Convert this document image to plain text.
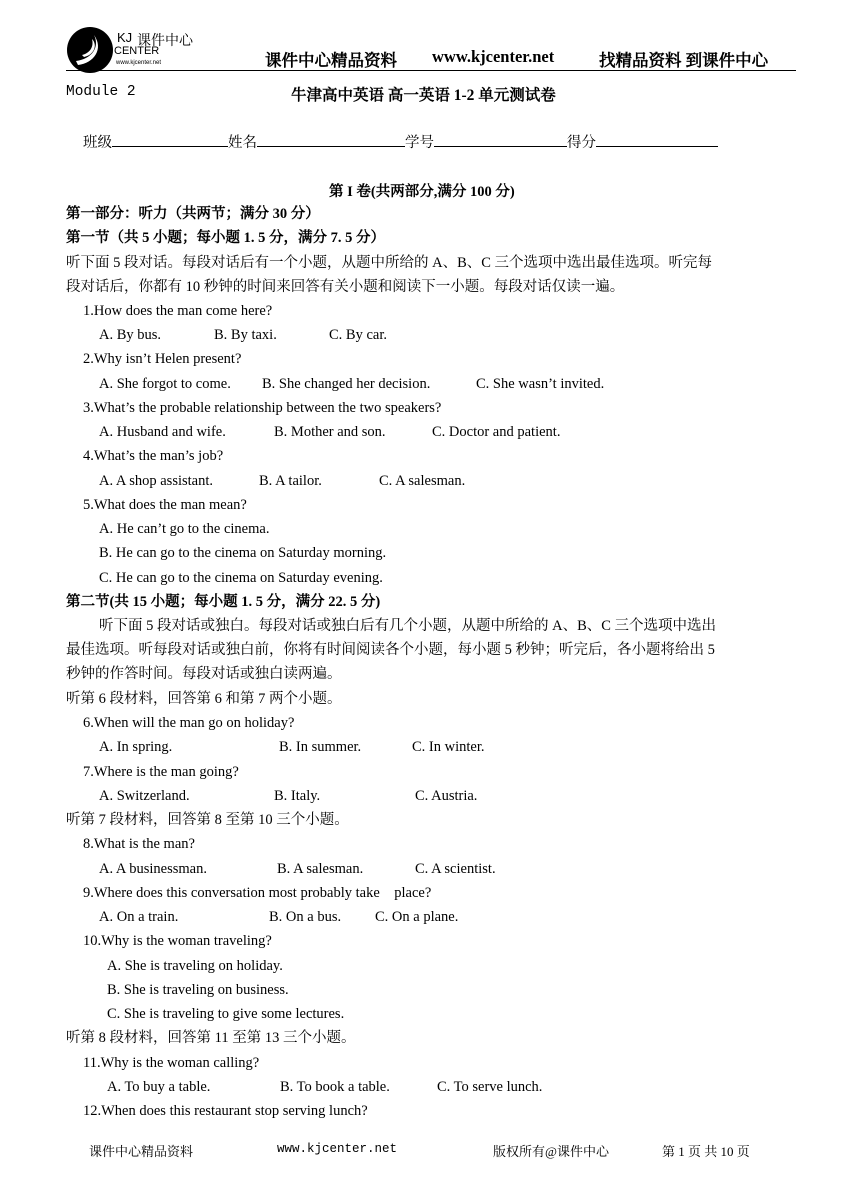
KJ 课件中心
CENTER
www.kjcenter.net	课件中心精品资料 www.kjcenter.net	找精品资料 到课件中心
Module 2	牛津高中英语 高一英语 1-2 单元测试卷
班级	姓名	学号	得分
第 I 卷(共两部分,满分 100 分)
第一部分：听力（共两节；满分 30 分）
第一节（共 5 小题；每小题 1. 5 分，满分 7. 5 分）
听下面 5 段对话。每段对话后有一个小题，从题中所给的 A、B、C 三个选项中选出最佳选项。听完每
段对话后，你都有 10 秒钟的时间来回答有关小题和阅读下一小题。每段对话仅读一遍。
1.How does the man come here?
A. By bus.	B. By taxi.	C. By car.
2.Why isn’t Helen present?
A. She forgot to come. B. She changed her decision.	C. She wasn’t invited.
3.What’s the probable relationship between the two speakers?
A. Husband and wife.	B. Mother and son.	C. Doctor and patient.
4.What’s the man’s job?
A. A shop assistant.	B. A tailor.	C. A salesman.
5.What does the man mean?
A. He can’t go to the cinema.
B. He can go to the cinema on Saturday morning.
C. He can go to the cinema on Saturday evening.
第二节(共 15 小题；每小题 1. 5 分，满分 22. 5 分)
听下面 5 段对话或独白。每段对话或独白后有几个小题，从题中所给的 A、B、C 三个选项中选出
最佳选项。听每段对话或独白前，你将有时间阅读各个小题，每小题 5 秒钟；听完后，各小题将给出 5
秒钟的作答时间。每段对话或独白读两遍。
听第 6 段材料，回答第 6 和第 7 两个小题。
6.When will the man go on holiday?
A. In spring.	B. In summer.	C. In winter.
7.Where is the man going?
A. Switzerland.	B. Italy.	C. Austria.
听第 7 段材料，回答第 8 至第 10 三个小题。
8.What is the man?
A. A businessman.	B. A salesman.	C. A scientist.
9.Where does this conversation most probably take　place?
A. On a train.	B. On a bus. C. On a plane.
10.Why is the woman traveling?
A. She is traveling on holiday.
B. She is traveling on business.
C. She is traveling to give some lectures.
听第 8 段材料，回答第 11 至第 13 三个小题。
11.Why is the woman calling?
A. To buy a table.	B. To book a table.	C. To serve lunch.
12.When does this restaurant stop serving lunch?
课件中心精品资料	www.kjcenter.net	版权所有@课件中心	第 1 页 共 10 页
